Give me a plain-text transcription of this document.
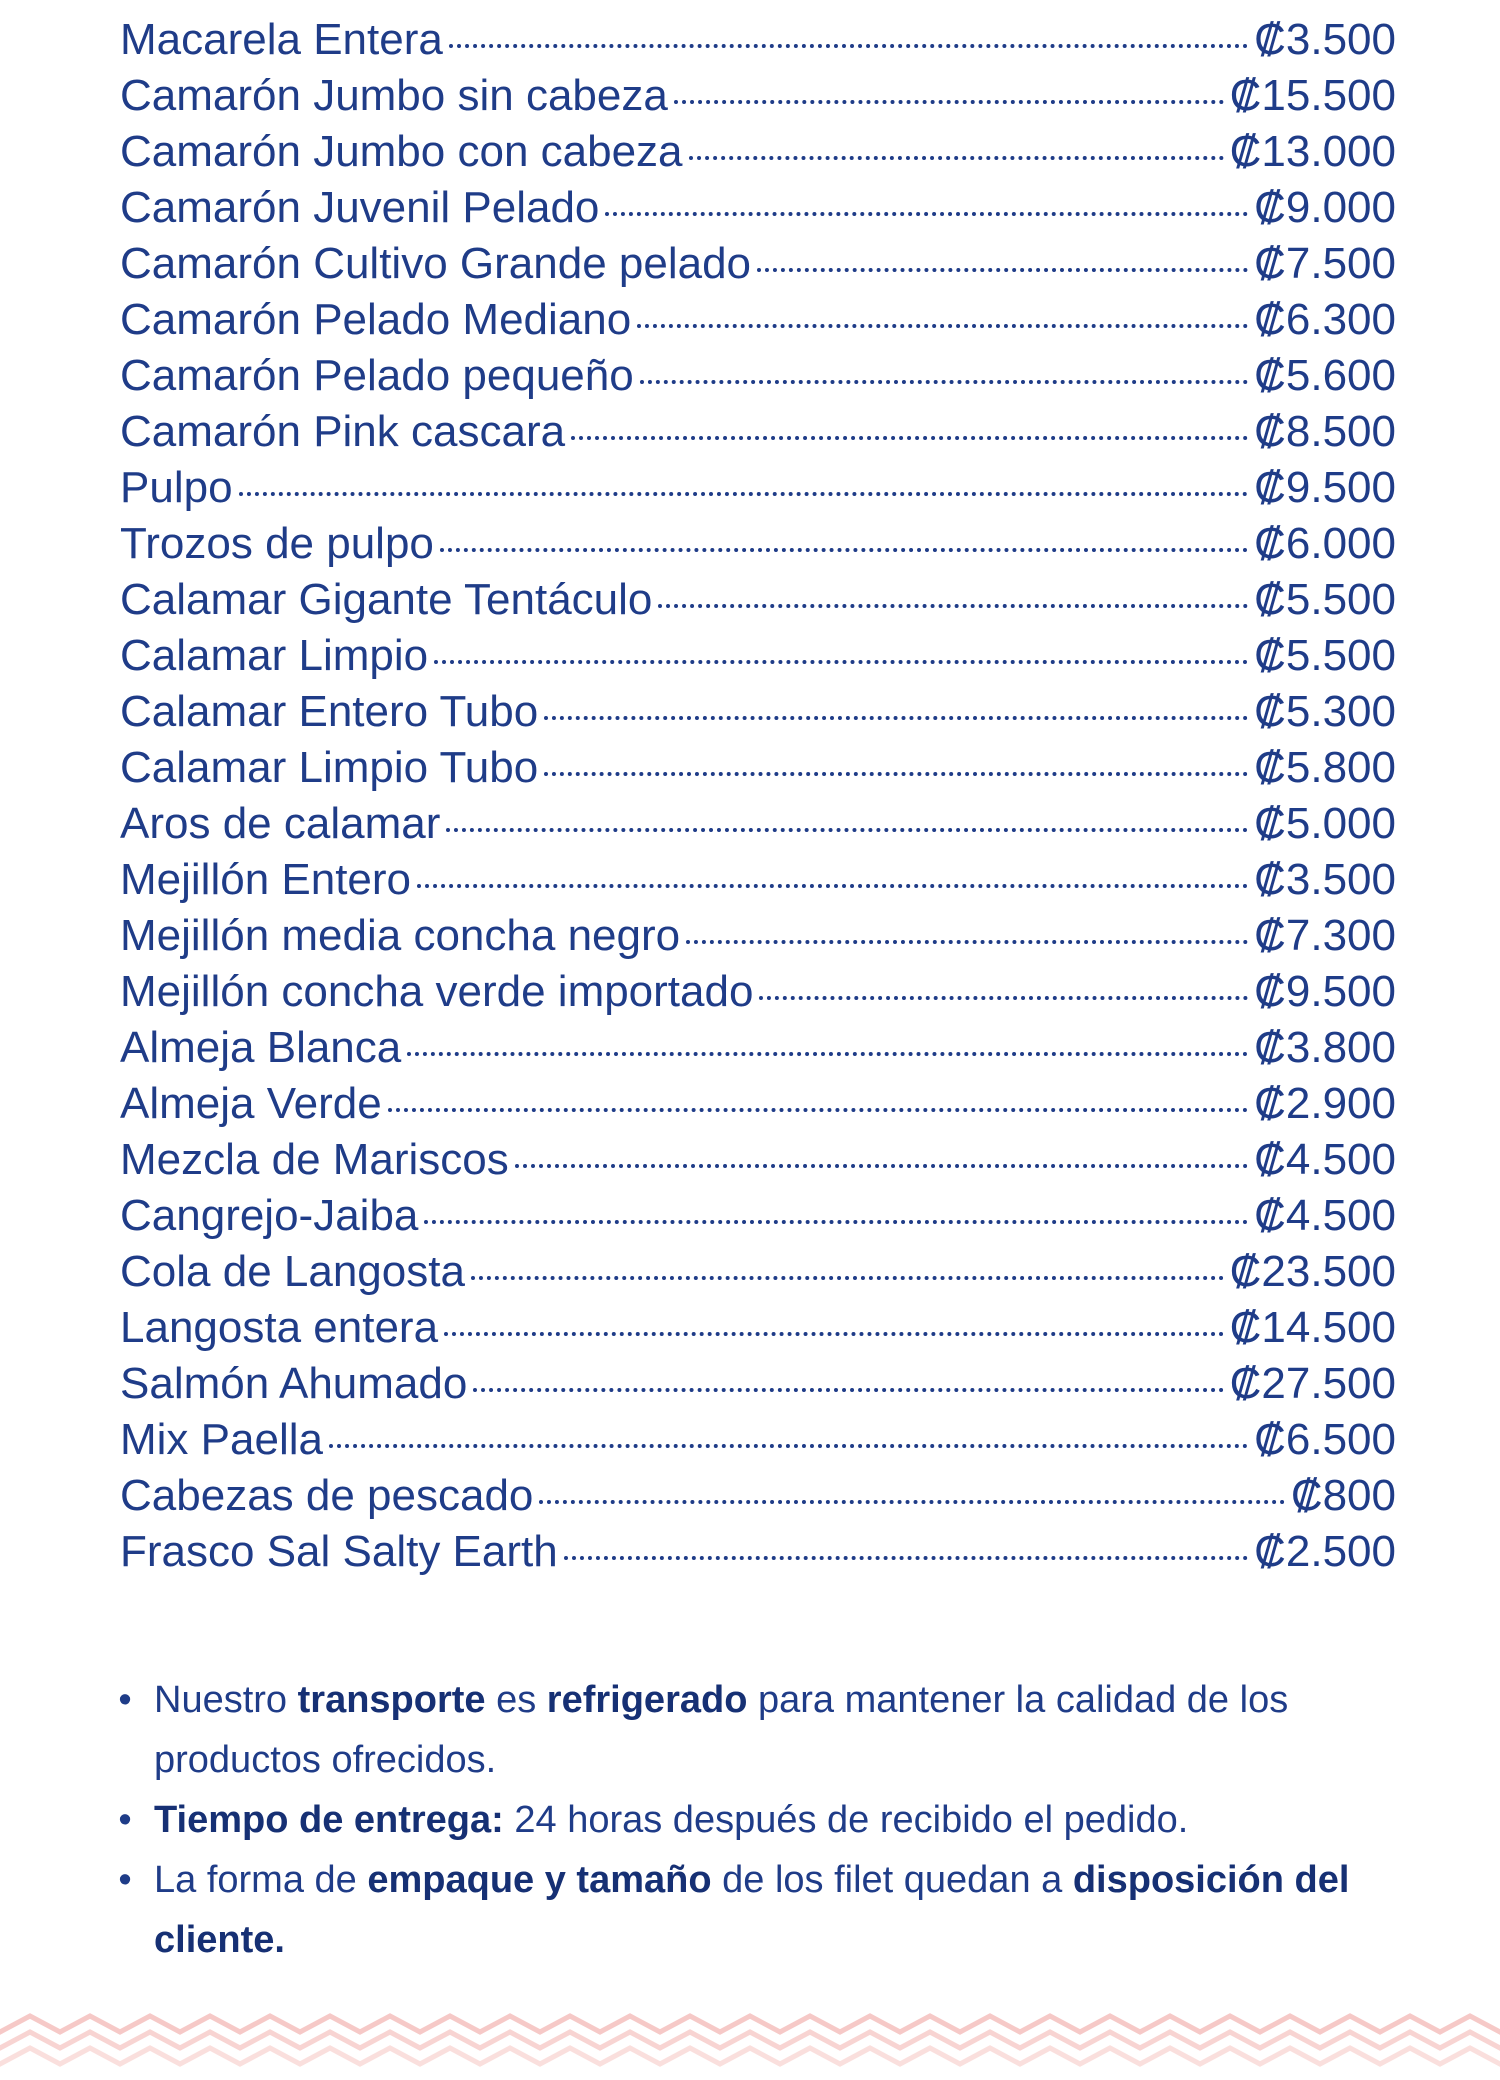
Macarela Entera	₡3.500
Camarón Jumbo sin cabeza	₡15.500
Camarón Jumbo con cabeza	₡13.000
Camarón Juvenil Pelado	₡9.000
Camarón Cultivo Grande pelado	₡7.500
Camarón Pelado Mediano	₡6.300
Camarón Pelado pequeño	₡5.600
Camarón Pink cascara	₡8.500
Pulpo	₡9.500
Trozos de pulpo	₡6.000
Calamar Gigante Tentáculo	₡5.500
Calamar Limpio	₡5.500
Calamar Entero Tubo	₡5.300
Calamar Limpio Tubo	₡5.800
Aros de calamar	₡5.000
Mejillón Entero	₡3.500
Mejillón media concha negro	₡7.300
Mejillón concha verde importado	₡9.500
Almeja Blanca	₡3.800
Almeja Verde	₡2.900
Mezcla de Mariscos	₡4.500
Cangrejo-Jaiba	₡4.500
Cola de Langosta	₡23.500
Langosta entera	₡14.500
Salmón Ahumado	₡27.500
Mix Paella	₡6.500
Cabezas de pescado	₡800
Frasco Sal Salty Earth	₡2.500
• Nuestro transporte es refrigerado para mantener la calidad de los productos ofrecidos.
• Tiempo de entrega: 24 horas después de recibido el pedido.
• La forma de empaque y tamaño de los filet quedan a disposición del cliente.
